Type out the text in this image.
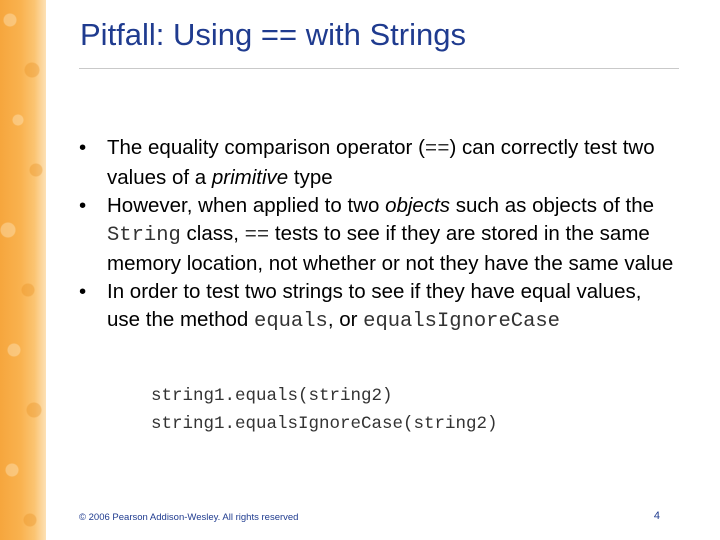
Pitfall: Using == with Strings
• The equality comparison operator (==) can correctly test two values of a primitive type
• However, when applied to two objects such as objects of the String class, == tests to see if they are stored in the same memory location, not whether or not they have the same value
• In order to test two strings to see if they have equal values, use the method equals, or equalsIgnoreCase
string1.equals(string2)
string1.equalsIgnoreCase(string2)
© 2006 Pearson Addison-Wesley. All rights reserved	4
